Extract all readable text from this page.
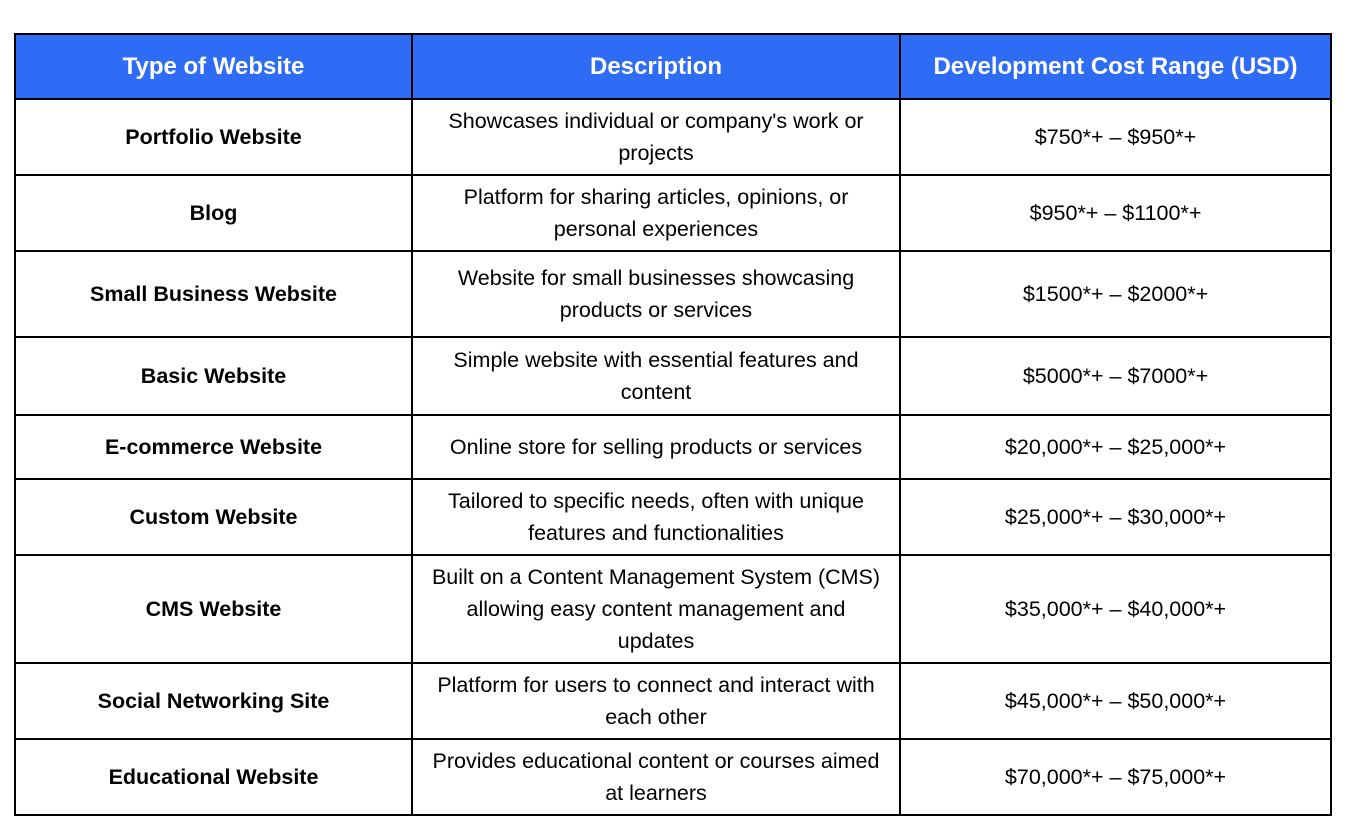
Type of Website	Description	Development Cost Range (USD)
Portfolio Website	Showcases individual or company's work or projects	$750*+ – $950*+
Blog	Platform for sharing articles, opinions, or personal experiences	$950*+ – $1100*+
Small Business Website	Website for small businesses showcasing products or services	$1500*+ – $2000*+
Basic Website	Simple website with essential features and content	$5000*+ – $7000*+
E-commerce Website	Online store for selling products or services	$20,000*+ – $25,000*+
Custom Website	Tailored to specific needs, often with unique features and functionalities	$25,000*+ – $30,000*+
CMS Website	Built on a Content Management System (CMS) allowing easy content management and updates	$35,000*+ – $40,000*+
Social Networking Site	Platform for users to connect and interact with each other	$45,000*+ – $50,000*+
Educational Website	Provides educational content or courses aimed at learners	$70,000*+ – $75,000*+
